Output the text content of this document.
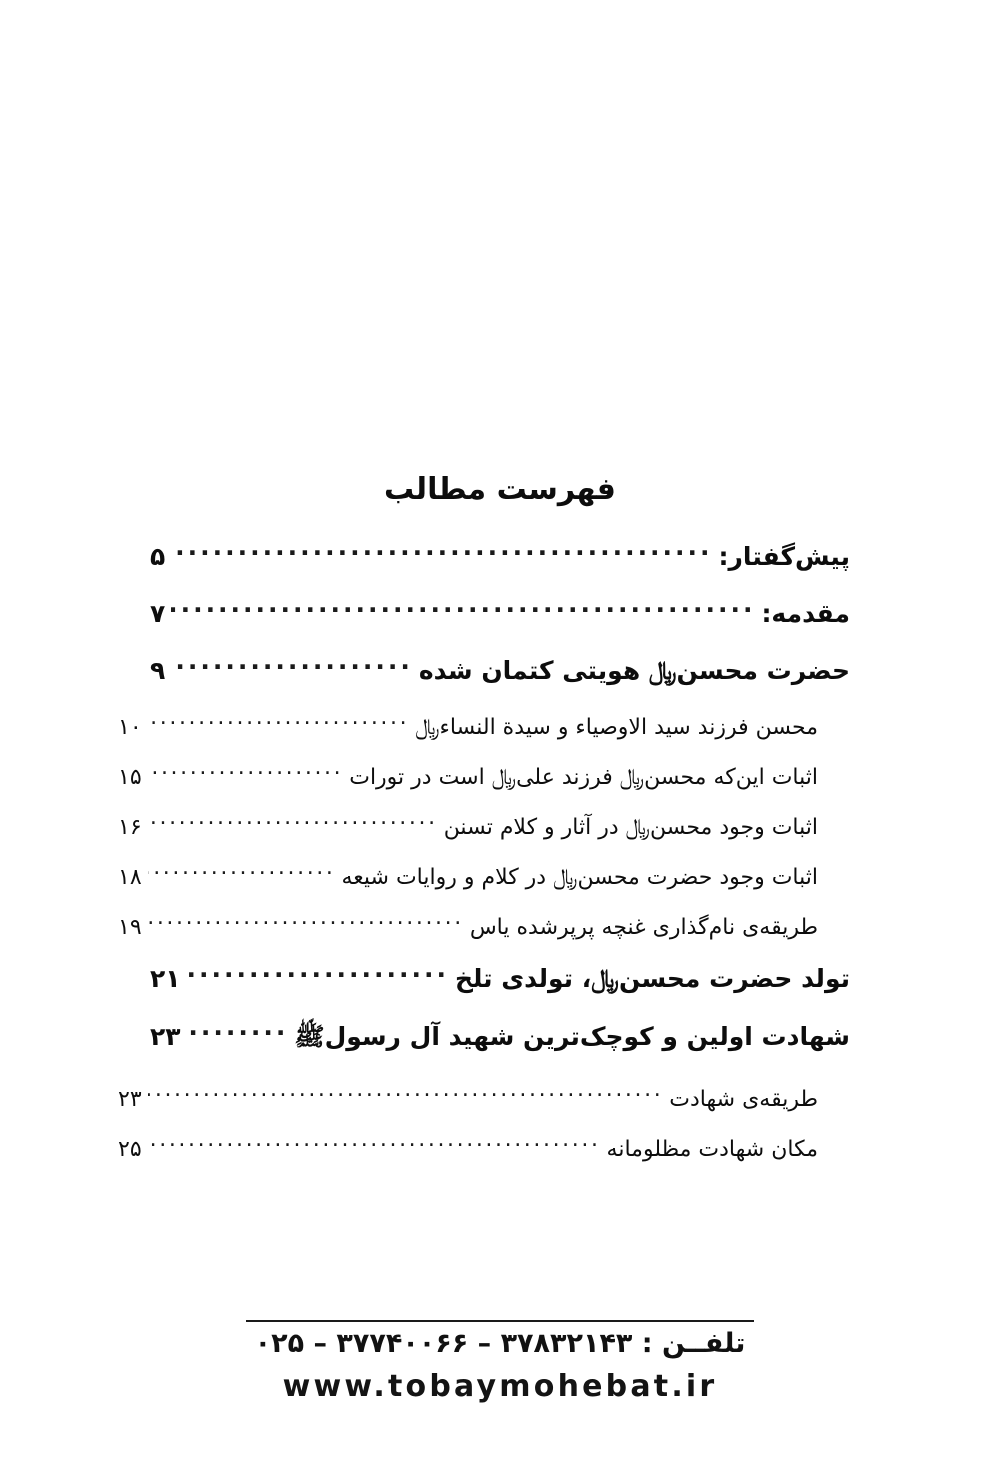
فهرست مطالب
پیش‌گفتار:
.....
۵
مقدمه:
.....
۷
حضرت محسن﷼ هویتی کتمان شده
.....
۹
محسن فرزند سید الاوصیاء و سیدة النساء﷼
.....
۱۰
اثبات این‌که محسن﷼ فرزند علی﷼ است در تورات
.....
۱۵
اثبات وجود محسن﷼ در آثار و کلام تسنن
.....
۱۶
اثبات وجود حضرت محسن﷼ در کلام و روایات شیعه
.....
۱۸
طریقه‌ی نام‌گذاری غنچه پرپرشده یاس
.....
۱۹
تولد حضرت محسن﷼، تولدی تلخ
.....
۲۱
شهادت اولین و کوچک‌ترین شهید آل رسولﷺ
.....
۲۳
طریقه‌ی شهادت
.....
۲۳
مکان شهادت مظلومانه
.....
۲۵
تلفــن : ۳۷۸۳۲۱۴۳ – ۳۷۷۴۰۰۶۶ – ۰۲۵
www.tobaymohebat.ir
